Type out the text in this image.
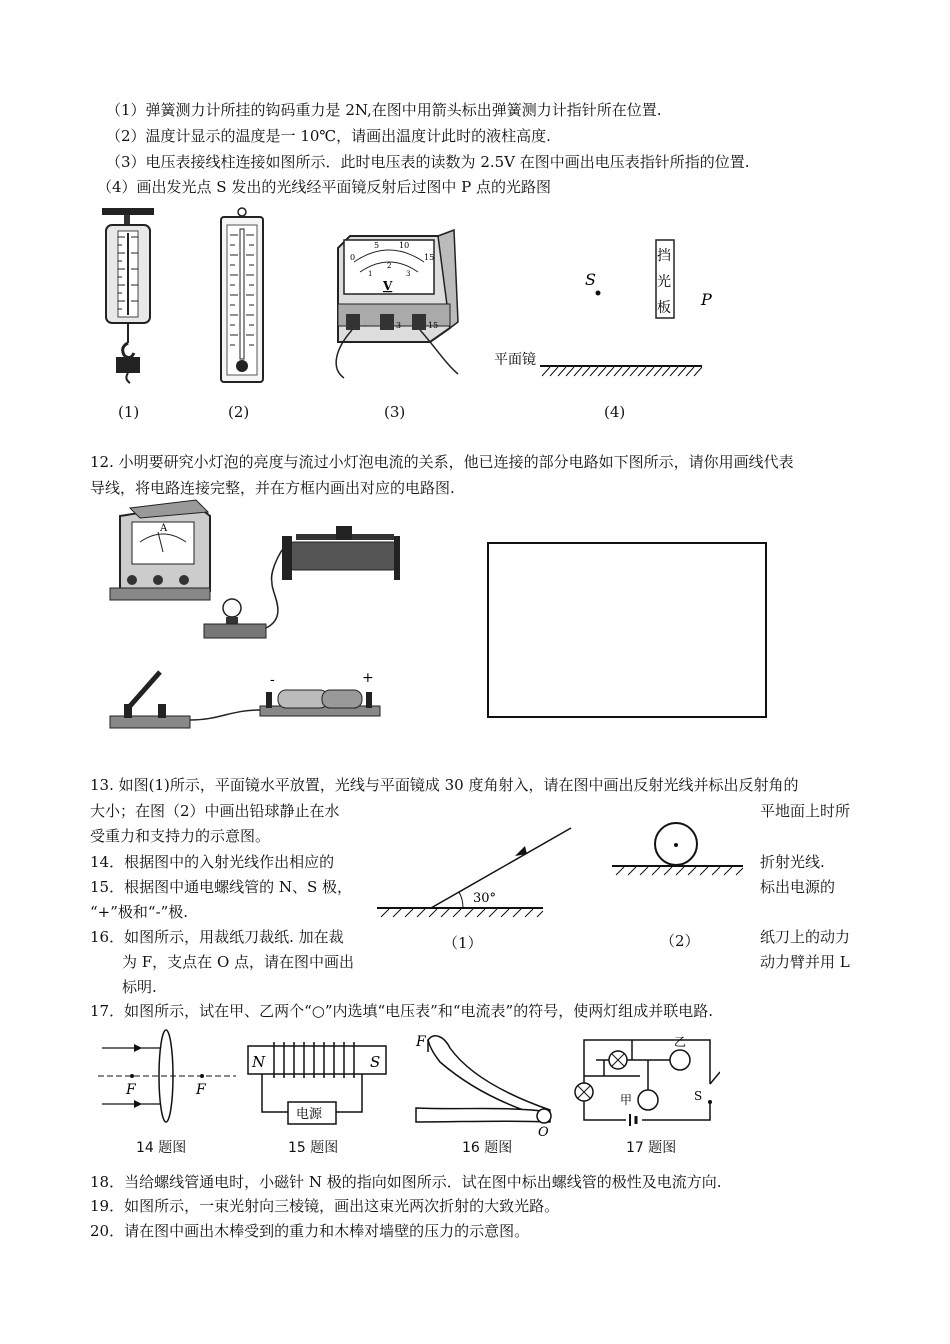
（1）弹簧测力计所挂的钩码重力是 2N,在图中用箭头标出弹簧测力计指针所在位置.
（2）温度计显示的温度是一 10℃，请画出温度计此时的液柱高度.
（3）电压表接线柱连接如图所示．此时电压表的读数为 2.5V 在图中画出电压表指针所指的位置.
（4）画出发光点 S 发出的光线经平面镜反射后过图中 P 点的光路图
0
5 10
15
1
2
3
V
-	3	15
S
挡
光
板 P
平面镜
(1)	(2)	(3)	(4)
12. 小明要研究小灯泡的亮度与流过小灯泡电流的关系，他已连接的部分电路如下图所示，请你用画线代表
导线，将电路连接完整，并在方框内画出对应的电路图.
A
-	+
13. 如图(1)所示，平面镜水平放置，光线与平面镜成 30 度角射入，请在图中画出反射光线并标出反射角的
大小；在图（2）中画出铅球静止在水	平地面上时所
受重力和支持力的示意图。
14．根据图中的入射光线作出相应的	折射光线.
15．根据图中通电螺线管的 N、S 极，	标出电源的
“+”极和“-”极.
16．如图所示，用裁纸刀裁纸. 加在裁	纸刀上的动力
为 F，支点在 O 点，请在图中画出	动力臂并用 L
标明.
30°
（1）	（2）
17．如图所示，试在甲、乙两个“○”内选填“电压表”和“电流表”的符号，使两灯组成并联电路.
F	F
N	S
电源
F
O
乙
甲	S
14 题图	15 题图	16 题图	17 题图
18．当给螺线管通电时，小磁针 N 极的指向如图所示．试在图中标出螺线管的极性及电流方向.
19．如图所示，一束光射向三棱镜，画出这束光两次折射的大致光路。
20．请在图中画出木棒受到的重力和木棒对墙壁的压力的示意图。
